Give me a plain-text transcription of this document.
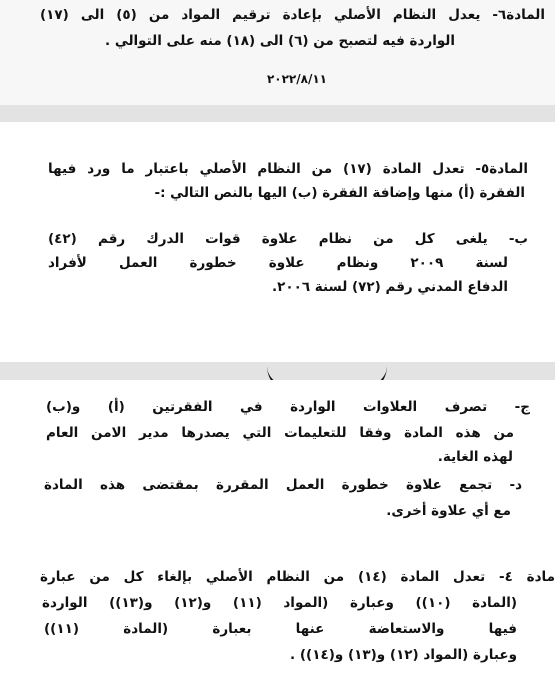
المادة٦- يعدل النظام الأصلي بإعادة ترقيم المواد من (٥) الى (١٧)
الواردة فيه لتصبح من (٦) الى (١٨) منه على التوالي .
٢٠٢٢/٨/١١
المادة٥- تعدل المادة (١٧) من النظام الأصلي باعتبار ما ورد فيها
الفقرة (أ) منها وإضافة الفقرة (ب) اليها بالنص التالي :-
ب- يلغى كل من نظام علاوة قوات الدرك رقم (٤٢)
لسنة ٢٠٠٩ ونظام علاوة خطورة العمل لأفراد
الدفاع المدني رقم (٧٢) لسنة ٢٠٠٦.
ج- تصرف العلاوات الواردة في الفقرتين (أ) و(ب)
من هذه المادة وفقا للتعليمات التي يصدرها مدير الامن العام
لهذه الغاية.
د- تجمع علاوة خطورة العمل المقررة بمقتضى هذه المادة
مع أي علاوة أخرى.
مادة ٤- تعدل المادة (١٤) من النظام الأصلي بإلغاء كل من عبارة
(المادة (١٠)) وعبارة (المواد (١١) و(١٢) و(١٣)) الواردة
فيها والاستعاضة عنها بعبارة (المادة (١١))
وعبارة (المواد (١٢) و(١٣) و(١٤)) .
